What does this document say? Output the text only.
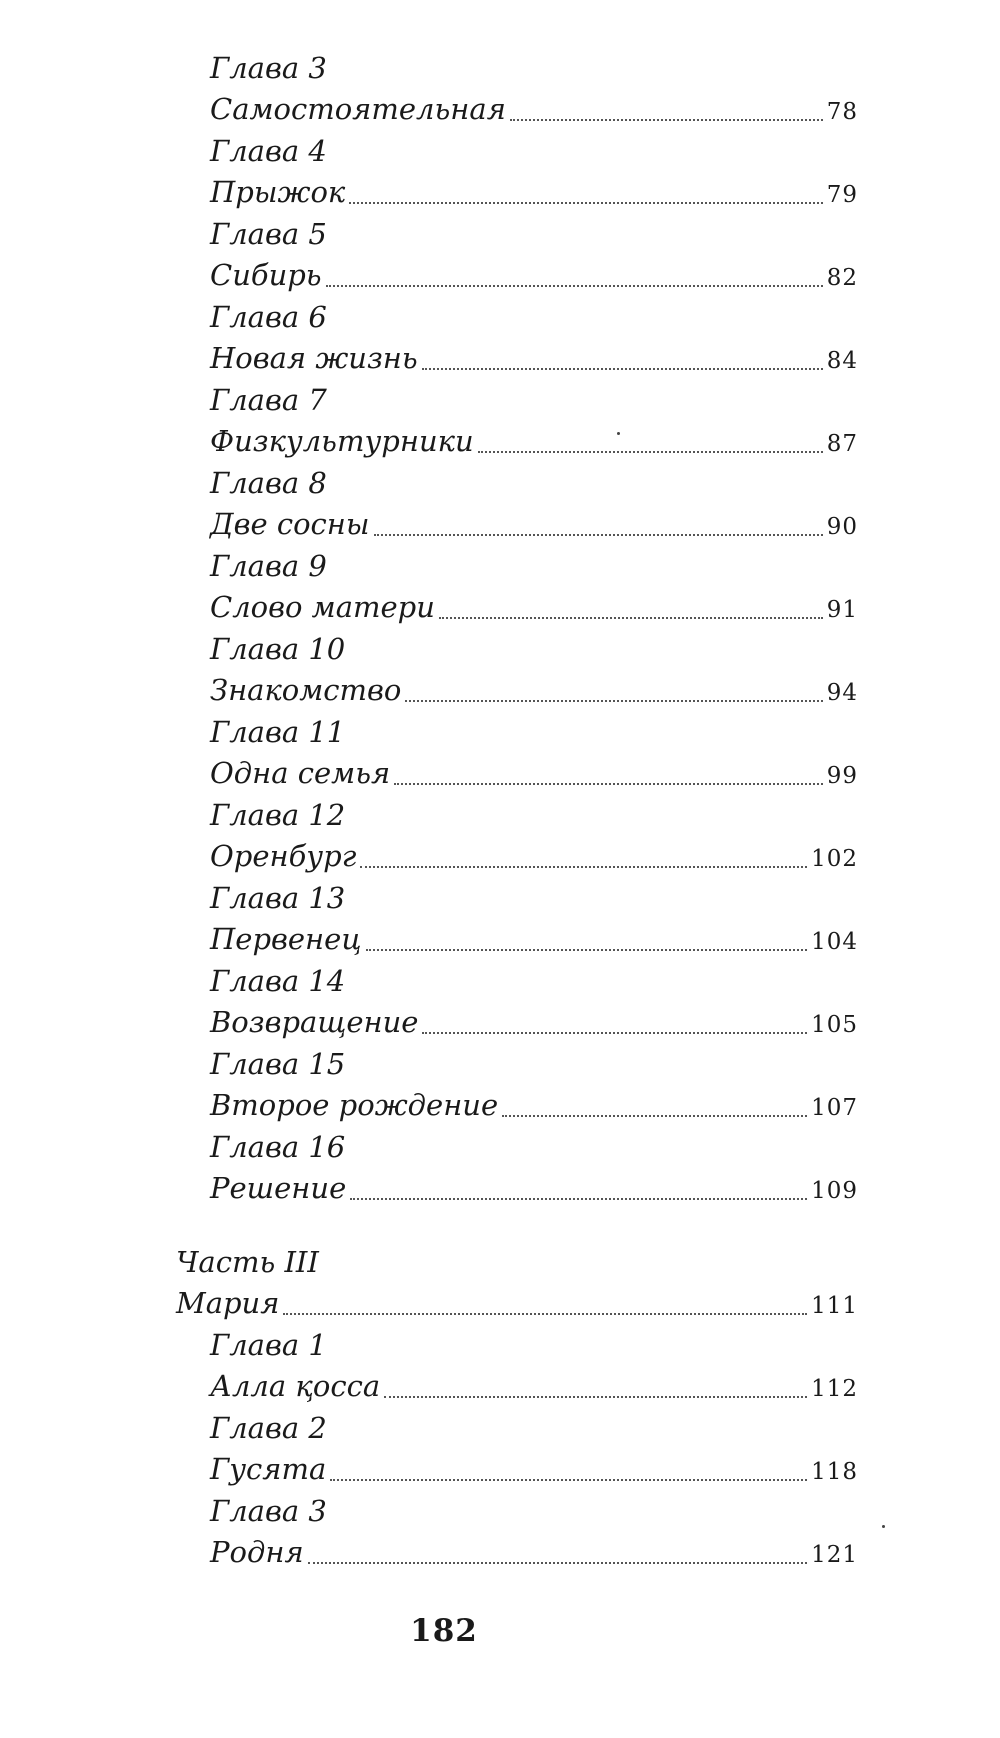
Глава 3
Самостоятельная	78
Глава 4
Прыжок	79
Глава 5
Сибирь	82
Глава 6
Новая жизнь	84
Глава 7
Физкультурники	87
Глава 8
Две сосны	90
Глава 9
Слово матери	91
Глава 10
Знакомство	94
Глава 11
Одна семья	99
Глава 12
Оренбург	102
Глава 13
Первенец	104
Глава 14
Возвращение	105
Глава 15
Второе рождение	107
Глава 16
Решение	109
Часть III
Мария	111
Глава 1
Алла қосса	112
Глава 2
Гусята	118
Глава 3
Родня	121
182
